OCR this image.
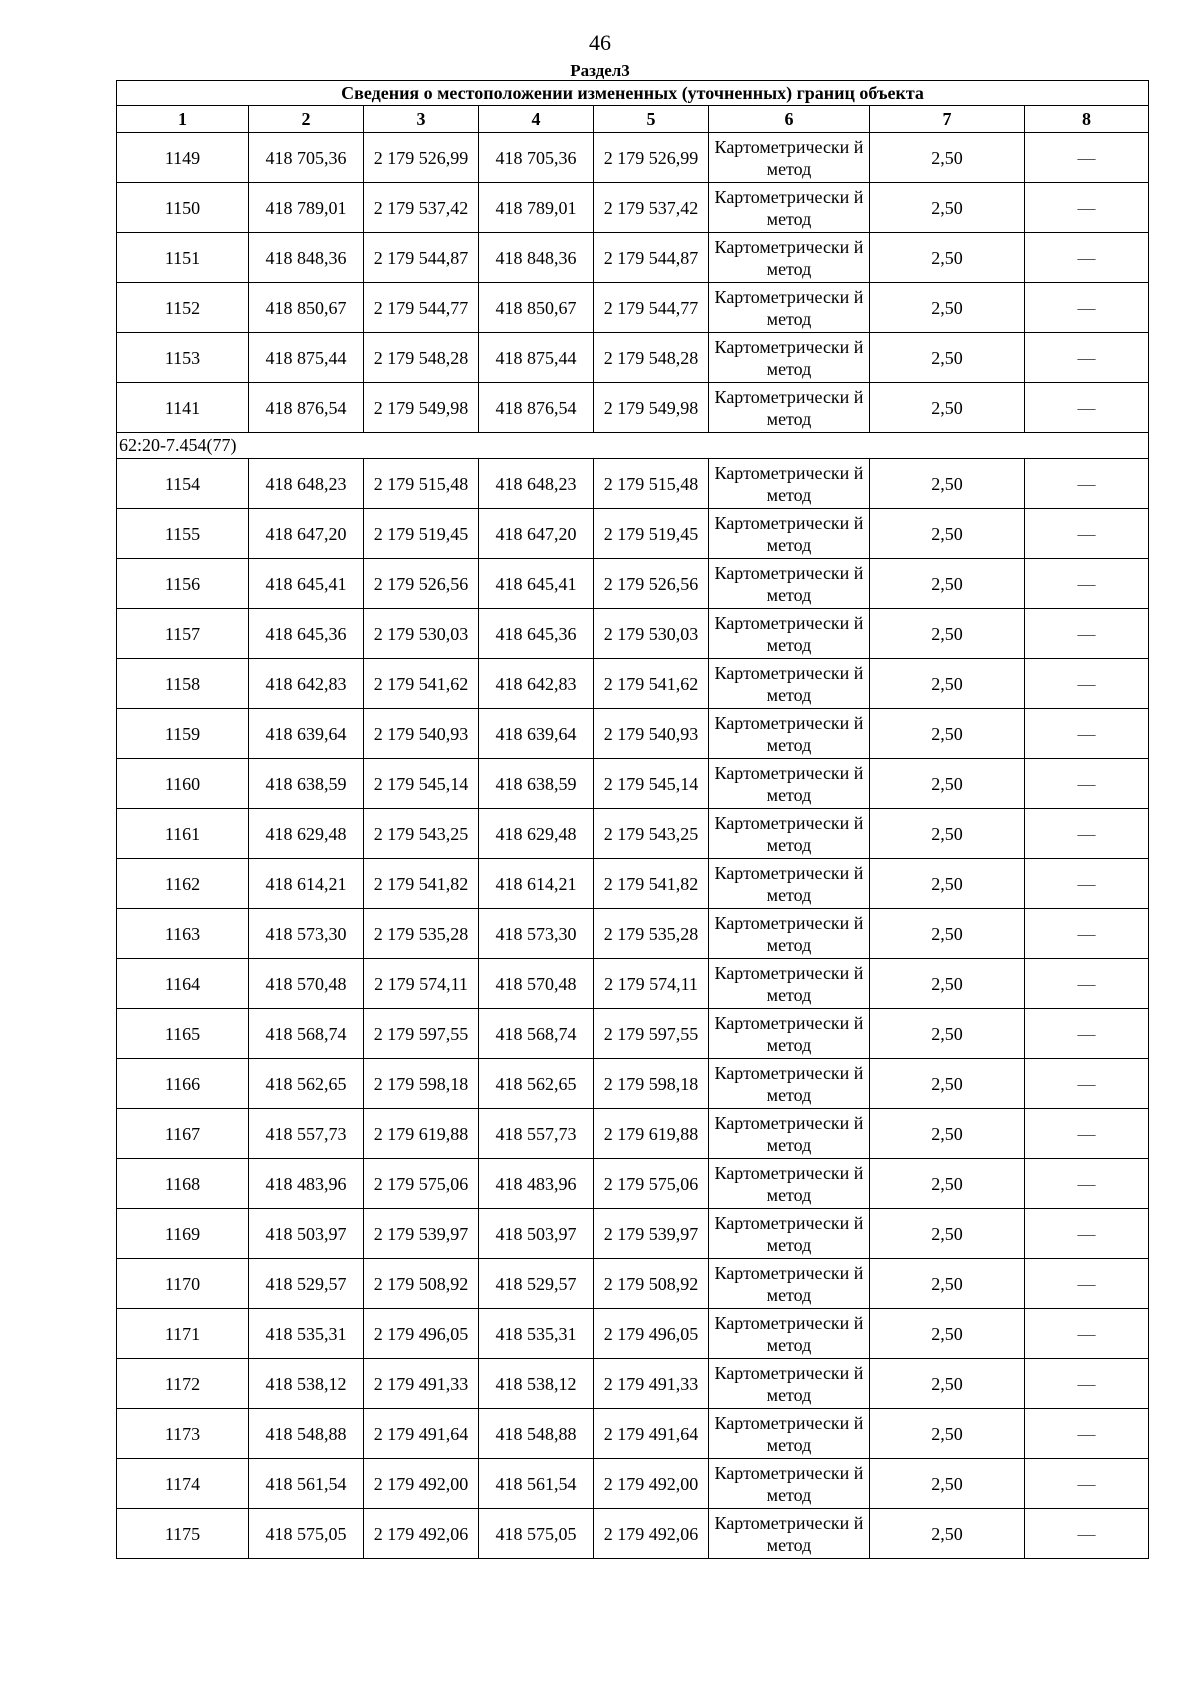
46
Раздел3
Сведения о местоположении измененных (уточненных) границ объекта							
1	2	3	4	5	6	7	8
1149	418 705,36	2 179 526,99	418 705,36	2 179 526,99	Картометрически й метод	2,50	—
1150	418 789,01	2 179 537,42	418 789,01	2 179 537,42	Картометрически й метод	2,50	—
1151	418 848,36	2 179 544,87	418 848,36	2 179 544,87	Картометрически й метод	2,50	—
1152	418 850,67	2 179 544,77	418 850,67	2 179 544,77	Картометрически й метод	2,50	—
1153	418 875,44	2 179 548,28	418 875,44	2 179 548,28	Картометрически й метод	2,50	—
1141	418 876,54	2 179 549,98	418 876,54	2 179 549,98	Картометрически й метод	2,50	—
62:20-7.454(77)							
1154	418 648,23	2 179 515,48	418 648,23	2 179 515,48	Картометрически й метод	2,50	—
1155	418 647,20	2 179 519,45	418 647,20	2 179 519,45	Картометрически й метод	2,50	—
1156	418 645,41	2 179 526,56	418 645,41	2 179 526,56	Картометрически й метод	2,50	—
1157	418 645,36	2 179 530,03	418 645,36	2 179 530,03	Картометрически й метод	2,50	—
1158	418 642,83	2 179 541,62	418 642,83	2 179 541,62	Картометрически й метод	2,50	—
1159	418 639,64	2 179 540,93	418 639,64	2 179 540,93	Картометрически й метод	2,50	—
1160	418 638,59	2 179 545,14	418 638,59	2 179 545,14	Картометрически й метод	2,50	—
1161	418 629,48	2 179 543,25	418 629,48	2 179 543,25	Картометрически й метод	2,50	—
1162	418 614,21	2 179 541,82	418 614,21	2 179 541,82	Картометрически й метод	2,50	—
1163	418 573,30	2 179 535,28	418 573,30	2 179 535,28	Картометрически й метод	2,50	—
1164	418 570,48	2 179 574,11	418 570,48	2 179 574,11	Картометрически й метод	2,50	—
1165	418 568,74	2 179 597,55	418 568,74	2 179 597,55	Картометрически й метод	2,50	—
1166	418 562,65	2 179 598,18	418 562,65	2 179 598,18	Картометрически й метод	2,50	—
1167	418 557,73	2 179 619,88	418 557,73	2 179 619,88	Картометрически й метод	2,50	—
1168	418 483,96	2 179 575,06	418 483,96	2 179 575,06	Картометрически й метод	2,50	—
1169	418 503,97	2 179 539,97	418 503,97	2 179 539,97	Картометрически й метод	2,50	—
1170	418 529,57	2 179 508,92	418 529,57	2 179 508,92	Картометрически й метод	2,50	—
1171	418 535,31	2 179 496,05	418 535,31	2 179 496,05	Картометрически й метод	2,50	—
1172	418 538,12	2 179 491,33	418 538,12	2 179 491,33	Картометрически й метод	2,50	—
1173	418 548,88	2 179 491,64	418 548,88	2 179 491,64	Картометрически й метод	2,50	—
1174	418 561,54	2 179 492,00	418 561,54	2 179 492,00	Картометрически й метод	2,50	—
1175	418 575,05	2 179 492,06	418 575,05	2 179 492,06	Картометрически й метод	2,50	—
